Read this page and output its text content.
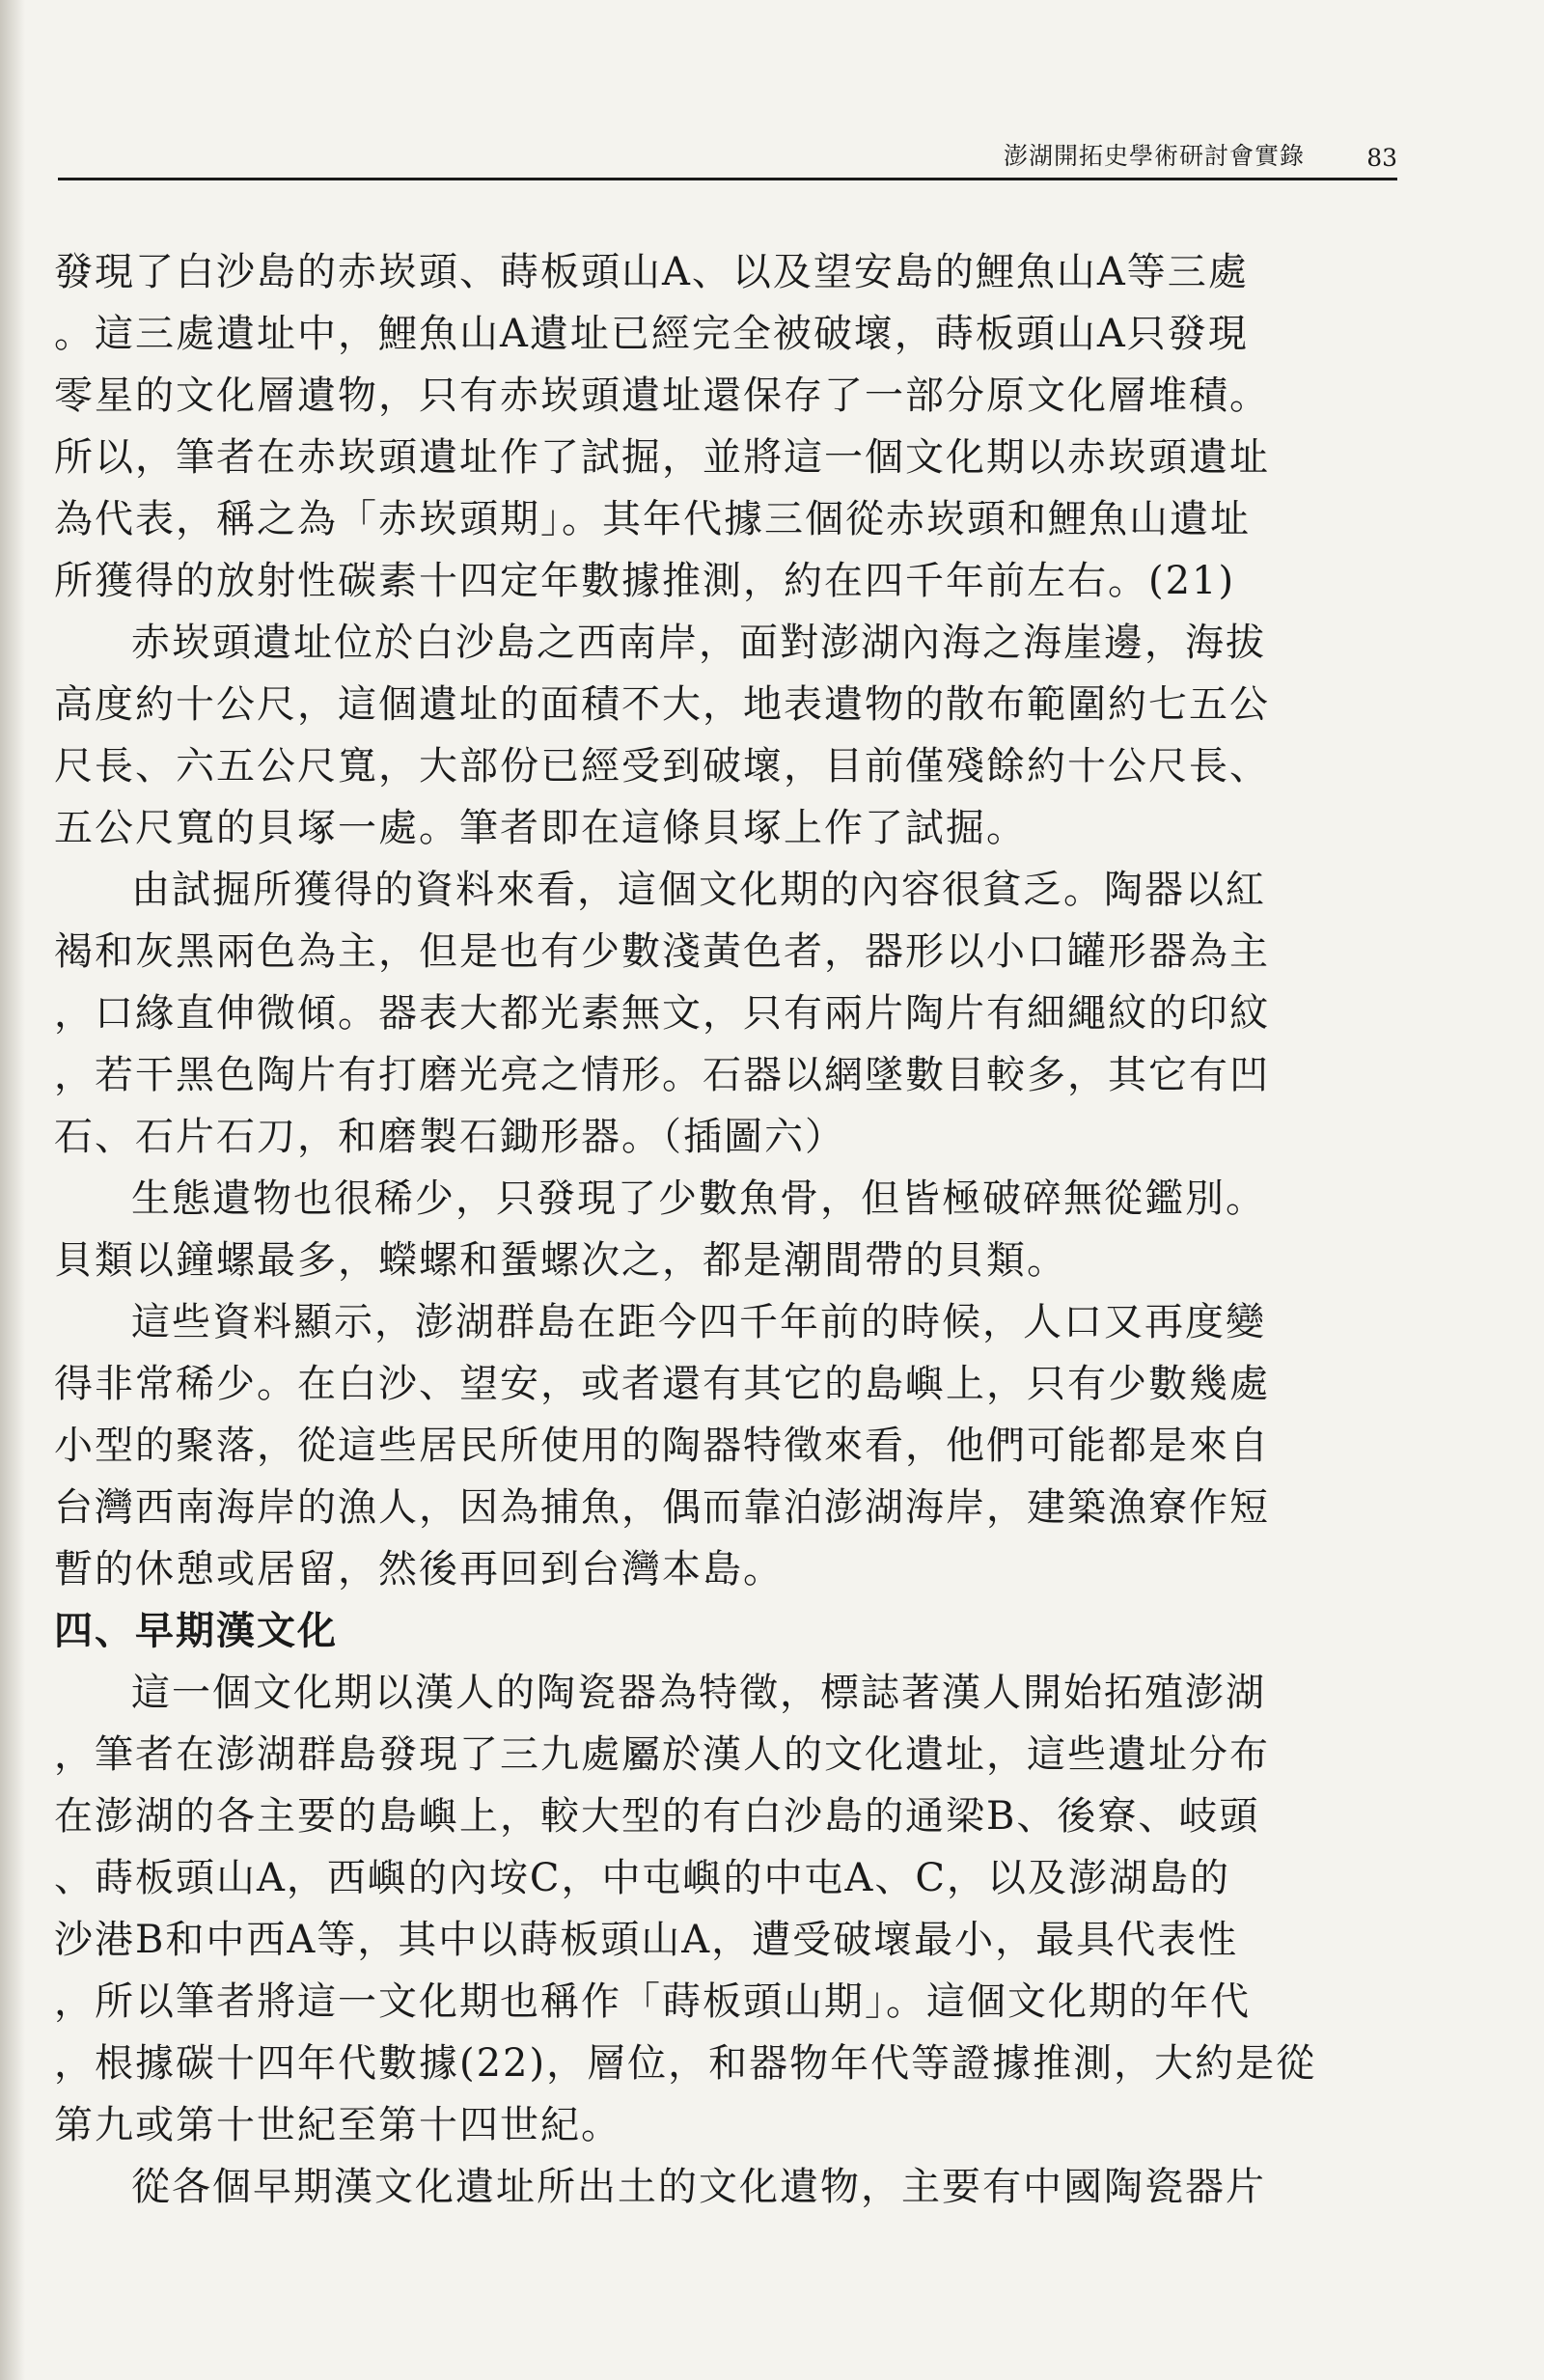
澎湖開拓史學術研討會實錄	83
發現了白沙島的赤崁頭、蒔板頭山A、以及望安島的鯉魚山A等三處
。這三處遺址中，鯉魚山A遺址已經完全被破壞，蒔板頭山A只發現
零星的文化層遺物，只有赤崁頭遺址還保存了一部分原文化層堆積。
所以，筆者在赤崁頭遺址作了試掘，並將這一個文化期以赤崁頭遺址
為代表，稱之為「赤崁頭期」。其年代據三個從赤崁頭和鯉魚山遺址
所獲得的放射性碳素十四定年數據推測，約在四千年前左右。(21)
赤崁頭遺址位於白沙島之西南岸，面對澎湖內海之海崖邊，海拔
高度約十公尺，這個遺址的面積不大，地表遺物的散布範圍約七五公
尺長、六五公尺寬，大部份已經受到破壞，目前僅殘餘約十公尺長、
五公尺寬的貝塚一處。筆者即在這條貝塚上作了試掘。
由試掘所獲得的資料來看，這個文化期的內容很貧乏。陶器以紅
褐和灰黑兩色為主，但是也有少數淺黃色者，器形以小口罐形器為主
，口緣直伸微傾。器表大都光素無文，只有兩片陶片有細繩紋的印紋
，若干黑色陶片有打磨光亮之情形。石器以網墜數目較多，其它有凹
石、石片石刀，和磨製石鋤形器。（插圖六）
生態遺物也很稀少，只發現了少數魚骨，但皆極破碎無從鑑別。
貝類以鐘螺最多，蠑螺和蜑螺次之，都是潮間帶的貝類。
這些資料顯示，澎湖群島在距今四千年前的時候，人口又再度變
得非常稀少。在白沙、望安，或者還有其它的島嶼上，只有少數幾處
小型的聚落，從這些居民所使用的陶器特徵來看，他們可能都是來自
台灣西南海岸的漁人，因為捕魚，偶而靠泊澎湖海岸，建築漁寮作短
暫的休憩或居留，然後再回到台灣本島。
四、早期漢文化
這一個文化期以漢人的陶瓷器為特徵，標誌著漢人開始拓殖澎湖
，筆者在澎湖群島發現了三九處屬於漢人的文化遺址，這些遺址分布
在澎湖的各主要的島嶼上，較大型的有白沙島的通梁B、後寮、岐頭
、蒔板頭山A，西嶼的內垵C，中屯嶼的中屯A、C，以及澎湖島的
沙港B和中西A等，其中以蒔板頭山A，遭受破壞最小，最具代表性
，所以筆者將這一文化期也稱作「蒔板頭山期」。這個文化期的年代
，根據碳十四年代數據(22)，層位，和器物年代等證據推測，大約是從
第九或第十世紀至第十四世紀。
從各個早期漢文化遺址所出土的文化遺物，主要有中國陶瓷器片
